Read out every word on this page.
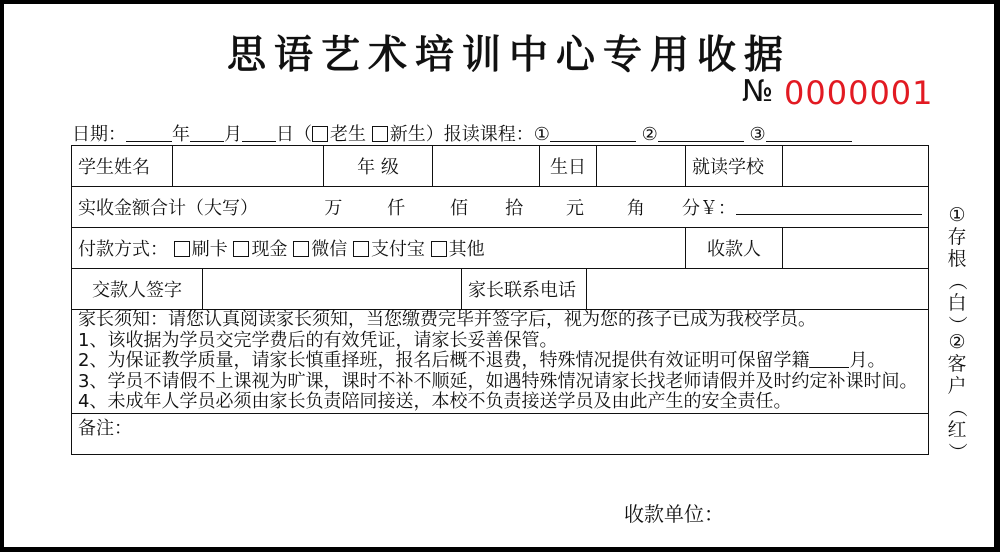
思语艺术培训中心专用收据
№ 0000001
日期：	年 月 日（ 老生 新生）报读课程：①	②	③
学生姓名		年 级		生日		就读学校	

实收金额合计（大写）	万	仟	佰	拾	元	角	分￥：	

付款方式： 刷卡 现金 微信 支付宝 其他	收款人	

交款人签字		家长联系电话	

家长须知：请您认真阅读家长须知，当您缴费完毕并签字后，视为您的孩子已成为我校学员。
1、该收据为学员交完学费后的有效凭证，请家长妥善保管。
2、为保证教学质量，请家长慎重择班，报名后概不退费，特殊情况提供有效证明可保留学籍 月。
3、学员不请假不上课视为旷课，课时不补不顺延，如遇特殊情况请家长找老师请假并及时约定补课时间。
4、未成年人学员必须由家长负责陪同接送，本校不负责接送学员及由此产生的安全责任。

备注：
收款单位：
①
存
根
（
白
）
②
客
户
（
红
）
